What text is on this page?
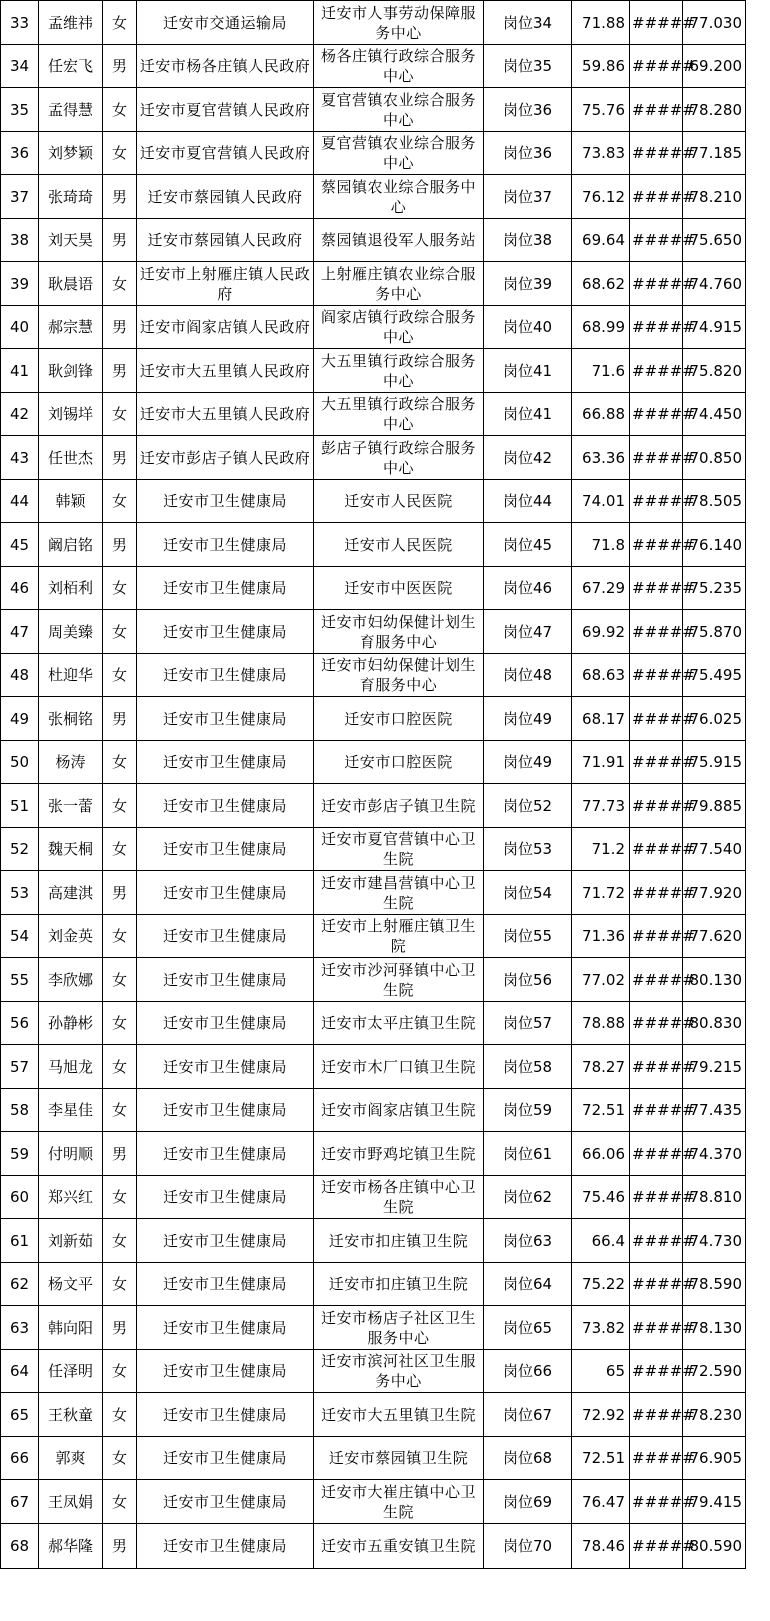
33	孟维祎	女	迁安市交通运输局	迁安市人事劳动保障服务中心	岗位34	71.88	#####	77.030
34	任宏飞	男	迁安市杨各庄镇人民政府	杨各庄镇行政综合服务中心	岗位35	59.86	#####	69.200
35	孟得慧	女	迁安市夏官营镇人民政府	夏官营镇农业综合服务中心	岗位36	75.76	#####	78.280
36	刘梦颖	女	迁安市夏官营镇人民政府	夏官营镇农业综合服务中心	岗位36	73.83	#####	77.185
37	张琦琦	男	迁安市蔡园镇人民政府	蔡园镇农业综合服务中心	岗位37	76.12	#####	78.210
38	刘天昊	男	迁安市蔡园镇人民政府	蔡园镇退役军人服务站	岗位38	69.64	#####	75.650
39	耿晨语	女	迁安市上射雁庄镇人民政府	上射雁庄镇农业综合服务中心	岗位39	68.62	#####	74.760
40	郝宗慧	男	迁安市阎家店镇人民政府	阎家店镇行政综合服务中心	岗位40	68.99	#####	74.915
41	耿剑锋	男	迁安市大五里镇人民政府	大五里镇行政综合服务中心	岗位41	71.6	#####	75.820
42	刘锡垟	女	迁安市大五里镇人民政府	大五里镇行政综合服务中心	岗位41	66.88	#####	74.450
43	任世杰	男	迁安市彭店子镇人民政府	彭店子镇行政综合服务中心	岗位42	63.36	#####	70.850
44	韩颖	女	迁安市卫生健康局	迁安市人民医院	岗位44	74.01	#####	78.505
45	阚启铭	男	迁安市卫生健康局	迁安市人民医院	岗位45	71.8	#####	76.140
46	刘栢利	女	迁安市卫生健康局	迁安市中医医院	岗位46	67.29	#####	75.235
47	周美臻	女	迁安市卫生健康局	迁安市妇幼保健计划生育服务中心	岗位47	69.92	#####	75.870
48	杜迎华	女	迁安市卫生健康局	迁安市妇幼保健计划生育服务中心	岗位48	68.63	#####	75.495
49	张桐铭	男	迁安市卫生健康局	迁安市口腔医院	岗位49	68.17	#####	76.025
50	杨涛	女	迁安市卫生健康局	迁安市口腔医院	岗位49	71.91	#####	75.915
51	张一蕾	女	迁安市卫生健康局	迁安市彭店子镇卫生院	岗位52	77.73	#####	79.885
52	魏天桐	女	迁安市卫生健康局	迁安市夏官营镇中心卫生院	岗位53	71.2	#####	77.540
53	高建淇	男	迁安市卫生健康局	迁安市建昌营镇中心卫生院	岗位54	71.72	#####	77.920
54	刘金英	女	迁安市卫生健康局	迁安市上射雁庄镇卫生院	岗位55	71.36	#####	77.620
55	李欣娜	女	迁安市卫生健康局	迁安市沙河驿镇中心卫生院	岗位56	77.02	#####	80.130
56	孙静彬	女	迁安市卫生健康局	迁安市太平庄镇卫生院	岗位57	78.88	#####	80.830
57	马旭龙	女	迁安市卫生健康局	迁安市木厂口镇卫生院	岗位58	78.27	#####	79.215
58	李星佳	女	迁安市卫生健康局	迁安市阎家店镇卫生院	岗位59	72.51	#####	77.435
59	付明顺	男	迁安市卫生健康局	迁安市野鸡坨镇卫生院	岗位61	66.06	#####	74.370
60	郑兴红	女	迁安市卫生健康局	迁安市杨各庄镇中心卫生院	岗位62	75.46	#####	78.810
61	刘新茹	女	迁安市卫生健康局	迁安市扣庄镇卫生院	岗位63	66.4	#####	74.730
62	杨文平	女	迁安市卫生健康局	迁安市扣庄镇卫生院	岗位64	75.22	#####	78.590
63	韩向阳	男	迁安市卫生健康局	迁安市杨店子社区卫生服务中心	岗位65	73.82	#####	78.130
64	任泽明	女	迁安市卫生健康局	迁安市滨河社区卫生服务中心	岗位66	65	#####	72.590
65	王秋童	女	迁安市卫生健康局	迁安市大五里镇卫生院	岗位67	72.92	#####	78.230
66	郭爽	女	迁安市卫生健康局	迁安市蔡园镇卫生院	岗位68	72.51	#####	76.905
67	王凤娟	女	迁安市卫生健康局	迁安市大崔庄镇中心卫生院	岗位69	76.47	#####	79.415
68	郝华隆	男	迁安市卫生健康局	迁安市五重安镇卫生院	岗位70	78.46	#####	80.590
